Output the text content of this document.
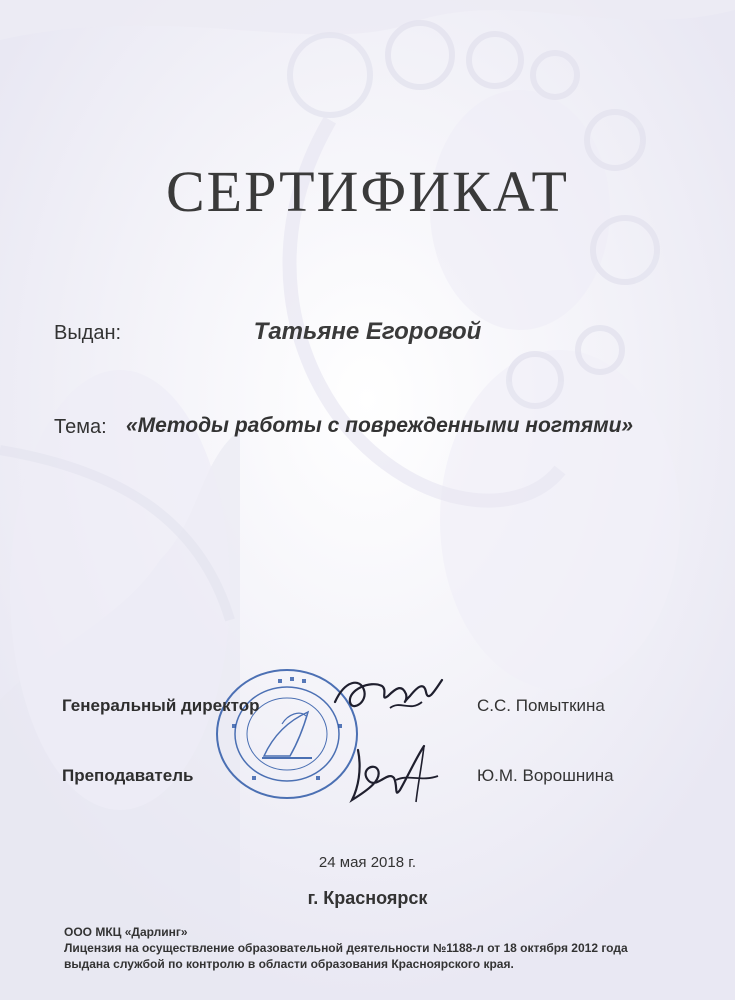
СЕРТИФИКАТ
Выдан:	Татьяне Егоровой
Тема: «Методы работы с поврежденными ногтями»
Генеральный директор	С.С. Помыткина
Преподаватель	Ю.М. Ворошнина
24 мая 2018 г.
г. Красноярск
ООО МКЦ «Дарлинг»
Лицензия на осуществление образовательной деятельности №1188-л от 18 октября 2012 года
выдана службой по контролю в области образования Красноярского края.
